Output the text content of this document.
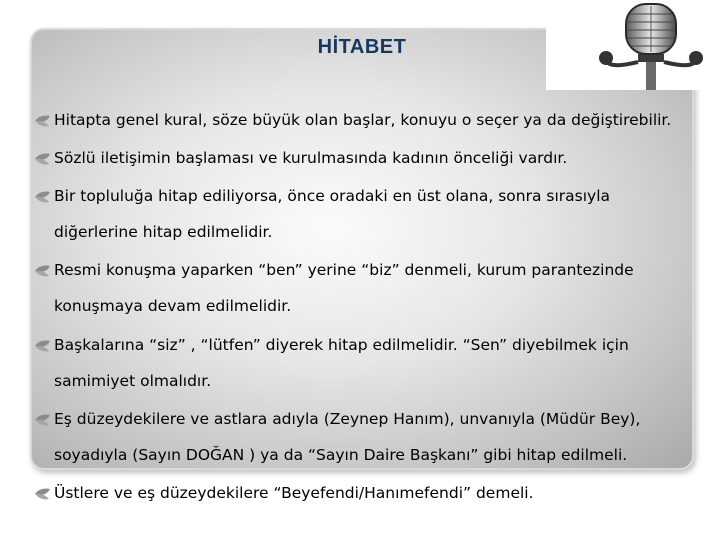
HİTABET
Hitapta genel kural, söze büyük olan başlar, konuyu o seçer ya da değiştirebilir.
Sözlü iletişimin başlaması ve kurulmasında kadının önceliği vardır.
Bir topluluğa hitap ediliyorsa, önce oradaki en üst olana, sonra sırasıyla
diğerlerine hitap edilmelidir.
Resmi konuşma yaparken “ben” yerine “biz” denmeli, kurum parantezinde
konuşmaya devam edilmelidir.
Başkalarına “siz” , “lütfen” diyerek hitap edilmelidir. “Sen” diyebilmek için
samimiyet olmalıdır.
Eş düzeydekilere ve astlara adıyla (Zeynep Hanım), unvanıyla (Müdür Bey),
soyadıyla (Sayın DOĞAN ) ya da “Sayın Daire Başkanı” gibi hitap edilmeli.
Üstlere ve eş düzeydekilere “Beyefendi/Hanımefendi” demeli.
